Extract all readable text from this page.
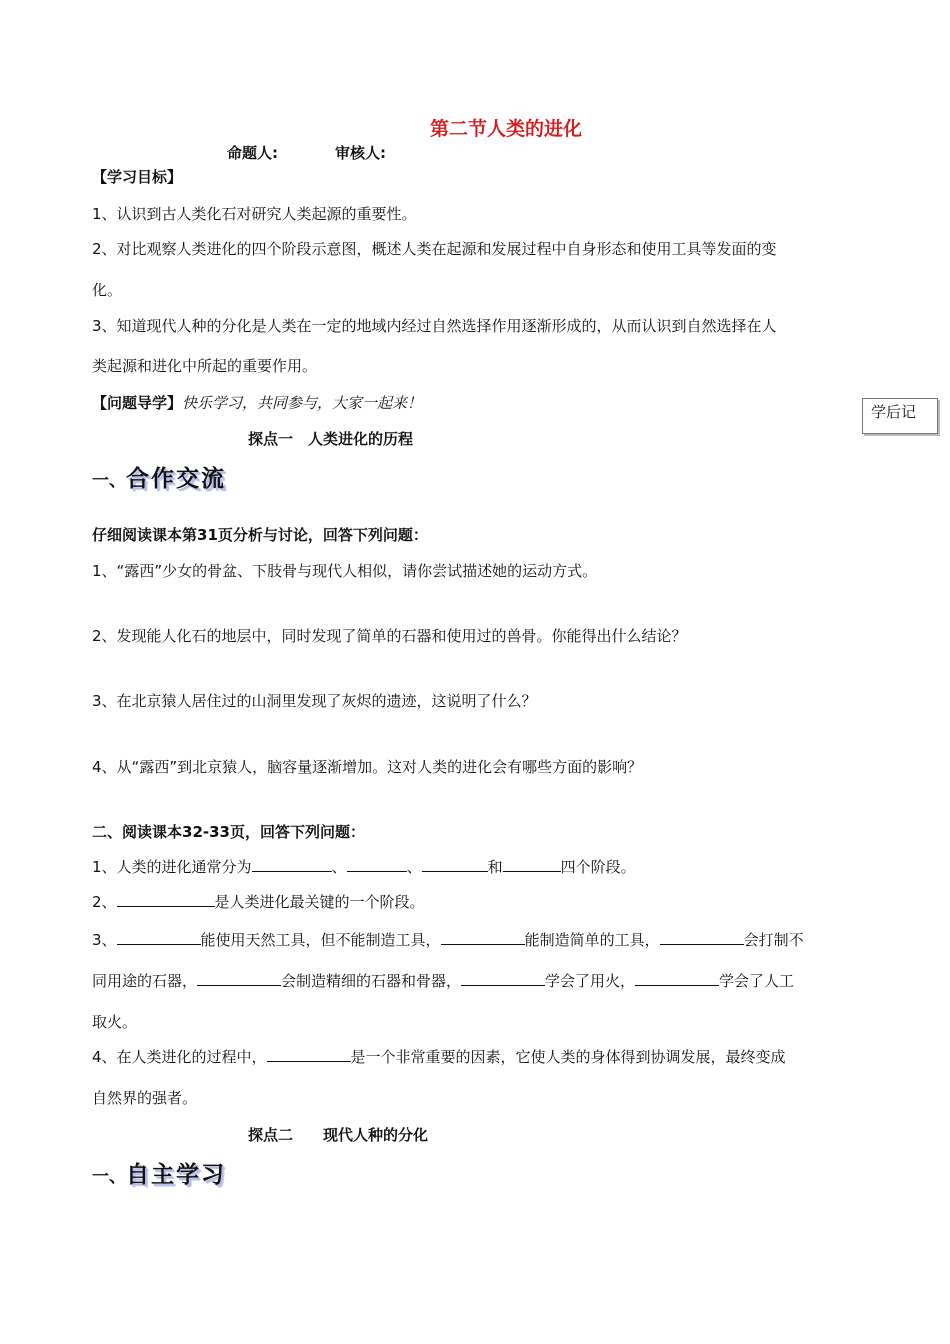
第二节人类的进化
命题人:	审核人:
【学习目标】
1、认识到古人类化石对研究人类起源的重要性。
2、对比观察人类进化的四个阶段示意图，概述人类在起源和发展过程中自身形态和使用工具等发面的变
化。
3、知道现代人种的分化是人类在一定的地域内经过自然选择作用逐渐形成的，从而认识到自然选择在人
类起源和进化中所起的重要作用。
【问题导学】快乐学习，共同参与，大家一起来！	学后记
探点一　人类进化的历程
一、合作交流
仔细阅读课本第31页分析与讨论，回答下列问题：
1、“露西”少女的骨盆、下肢骨与现代人相似，请你尝试描述她的运动方式。
2、发现能人化石的地层中，同时发现了简单的石器和使用过的兽骨。你能得出什么结论？
3、在北京猿人居住过的山洞里发现了灰烬的遗迹，这说明了什么？
4、从“露西”到北京猿人，脑容量逐渐增加。这对人类的进化会有哪些方面的影响？
二、阅读课本32-33页，回答下列问题：
1、人类的进化通常分为	、	、	和	四个阶段。
2、	是人类进化最关键的一个阶段。
3、	能使用天然工具，但不能制造工具，	能制造简单的工具，	会打制不
同用途的石器，	会制造精细的石器和骨器，	学会了用火，	学会了人工
取火。
4、在人类进化的过程中，	是一个非常重要的因素，它使人类的身体得到协调发展，最终变成
自然界的强者。
探点二　　现代人种的分化
一、自主学习
